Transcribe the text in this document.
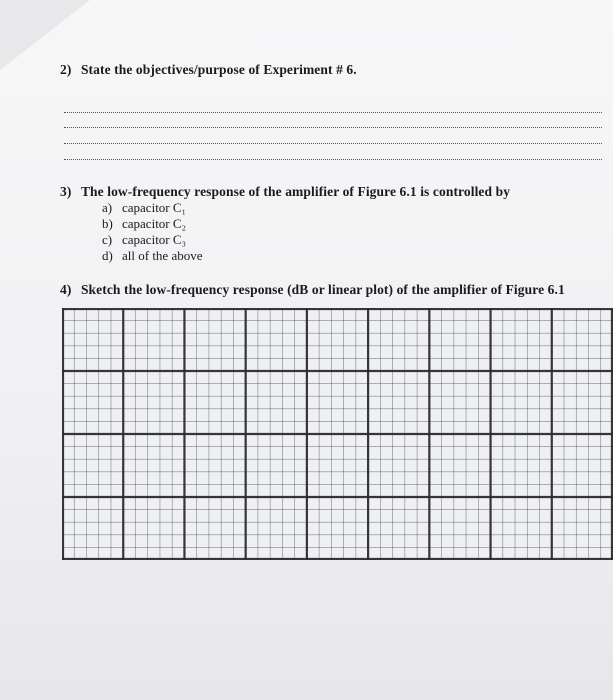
2) State the objectives/purpose of Experiment # 6.
3) The low-frequency response of the amplifier of Figure 6.1 is controlled by
a) capacitor C₁
b) capacitor C₂
c) capacitor C₃
d) all of the above
4) Sketch the low-frequency response (dB or linear plot) of the amplifier of Figure 6.1
